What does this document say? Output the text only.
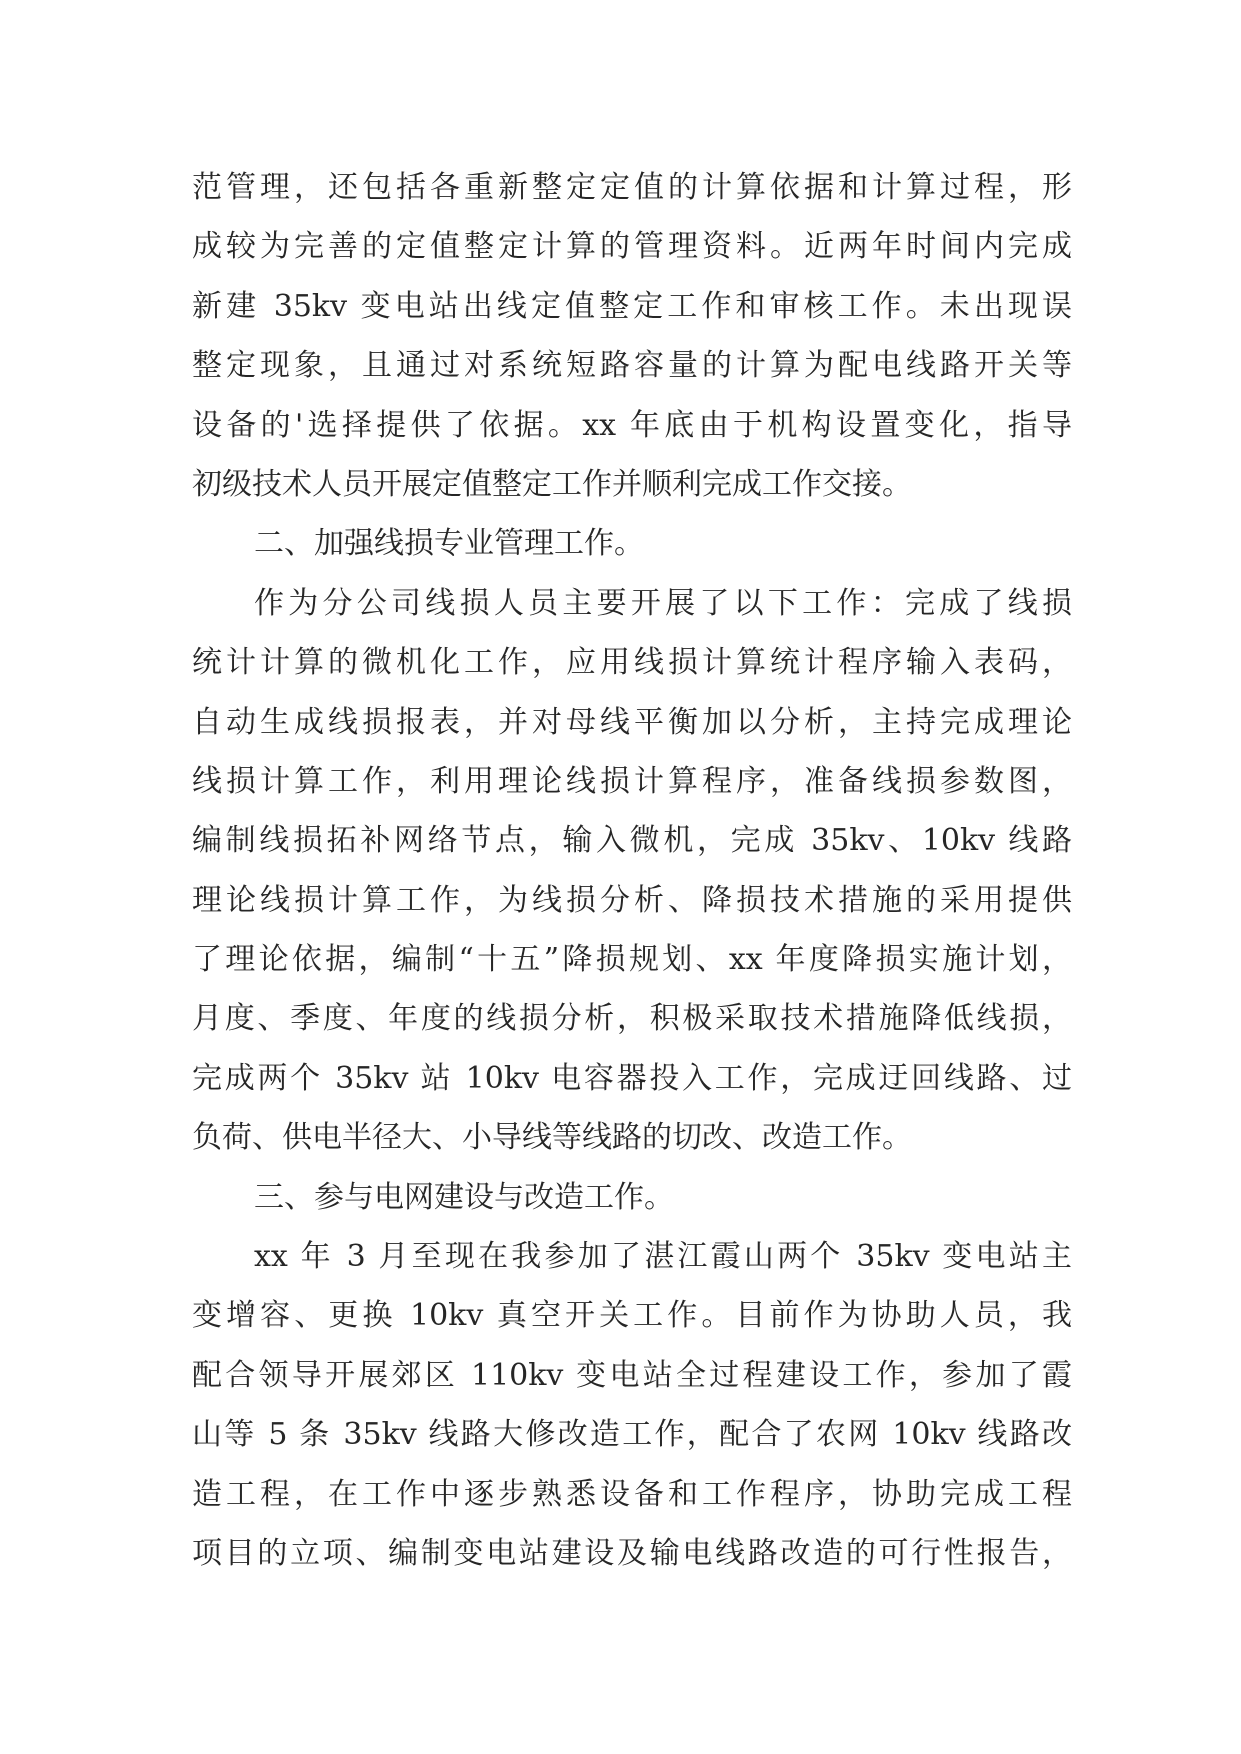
范管理，还包括各重新整定定值的计算依据和计算过程，形
成较为完善的定值整定计算的管理资料。近两年时间内完成
新建 35kv 变电站出线定值整定工作和审核工作。未出现误
整定现象，且通过对系统短路容量的计算为配电线路开关等
设备的'选择提供了依据。xx 年底由于机构设置变化，指导
初级技术人员开展定值整定工作并顺利完成工作交接。
二、加强线损专业管理工作。
作为分公司线损人员主要开展了以下工作：完成了线损
统计计算的微机化工作，应用线损计算统计程序输入表码，
自动生成线损报表，并对母线平衡加以分析，主持完成理论
线损计算工作，利用理论线损计算程序，准备线损参数图，
编制线损拓补网络节点，输入微机，完成 35kv、10kv 线路
理论线损计算工作，为线损分析、降损技术措施的采用提供
了理论依据，编制“十五”降损规划、xx 年度降损实施计划，
月度、季度、年度的线损分析，积极采取技术措施降低线损，
完成两个 35kv 站 10kv 电容器投入工作，完成迂回线路、过
负荷、供电半径大、小导线等线路的切改、改造工作。
三、参与电网建设与改造工作。
xx 年 3 月至现在我参加了湛江霞山两个 35kv 变电站主
变增容、更换 10kv 真空开关工作。目前作为协助人员，我
配合领导开展郊区 110kv 变电站全过程建设工作，参加了霞
山等 5 条 35kv 线路大修改造工作，配合了农网 10kv 线路改
造工程，在工作中逐步熟悉设备和工作程序，协助完成工程
项目的立项、编制变电站建设及输电线路改造的可行性报告，
